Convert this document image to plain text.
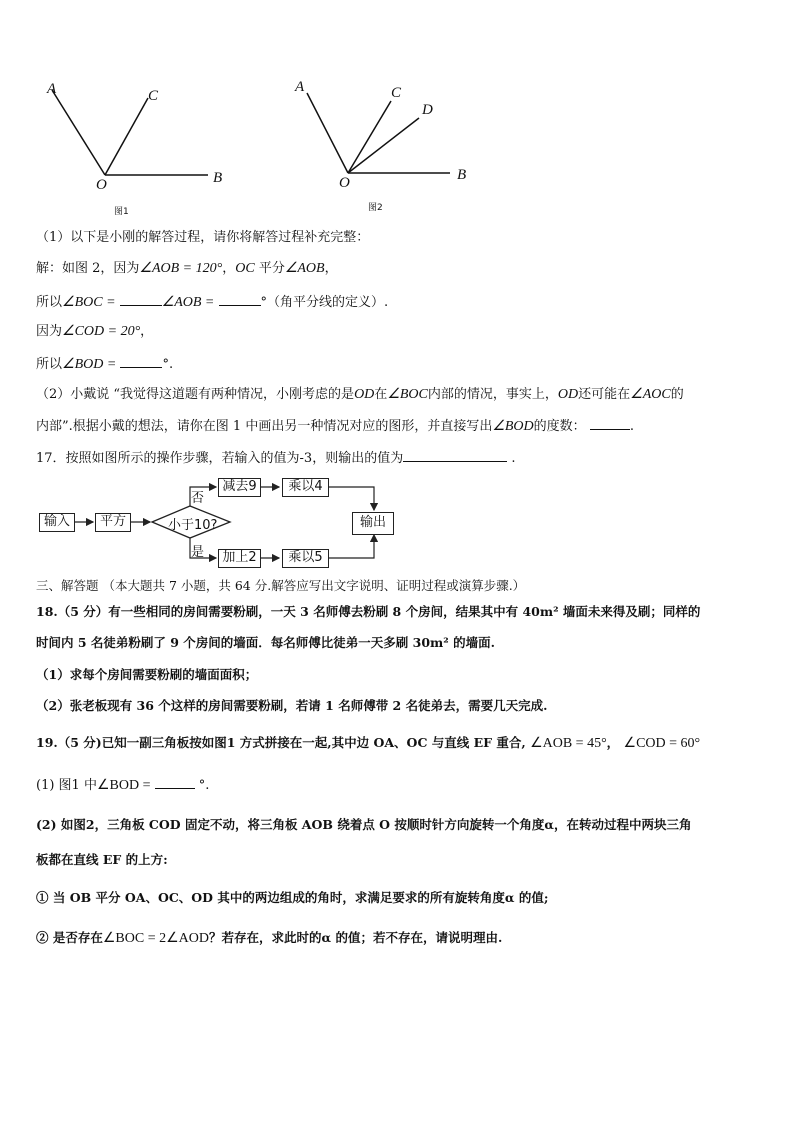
A	C
O	B
图1
A	C
D
O	B
图2
（1）以下是小刚的解答过程，请你将解答过程补充完整：
解：如图 2，因为∠AOB = 120°，OC 平分∠AOB，
所以∠BOC =	∠AOB =	°（角平分线的定义）.
因为∠COD = 20°，
所以∠BOD =	°.
（2）小戴说 “我觉得这道题有两种情况，小刚考虑的是OD在∠BOC内部的情况，事实上，OD还可能在∠AOC的
内部”.根据小戴的想法，请你在图 1 中画出另一种情况对应的图形，并直接写出∠BOD的度数：	.
17．按照如图所示的操作步骤，若输入的值为-3，则输出的值为	.
输入	平方	小于10?
否
是
减去9	乘以4
加上2	乘以5
输出
三、解答题 （本大题共 7 小题，共 64 分.解答应写出文字说明、证明过程或演算步骤.）
18.（5 分）有一些相同的房间需要粉刷，一天 3 名师傅去粉刷 8 个房间，结果其中有 40m² 墙面未来得及刷；同样的
时间内 5 名徒弟粉刷了 9 个房间的墙面．每名师傅比徒弟一天多刷 30m² 的墙面.
（1）求每个房间需要粉刷的墙面面积；
（2）张老板现有 36 个这样的房间需要粉刷，若请 1 名师傅带 2 名徒弟去，需要几天完成.
19.（5 分)已知一副三角板按如图1 方式拼接在一起,其中边 OA、OC 与直线 EF 重合, ∠AOB = 45°， ∠COD = 60°
(1) 图1 中∠BOD =	°.
(2) 如图2，三角板 COD 固定不动，将三角板 AOB 绕着点 O 按顺时针方向旋转一个角度α，在转动过程中两块三角
板都在直线 EF 的上方:
① 当 OB 平分 OA、OC、OD 其中的两边组成的角时，求满足要求的所有旋转角度α 的值;
② 是否存在∠BOC = 2∠AOD？若存在，求此时的α 的值；若不存在，请说明理由.
